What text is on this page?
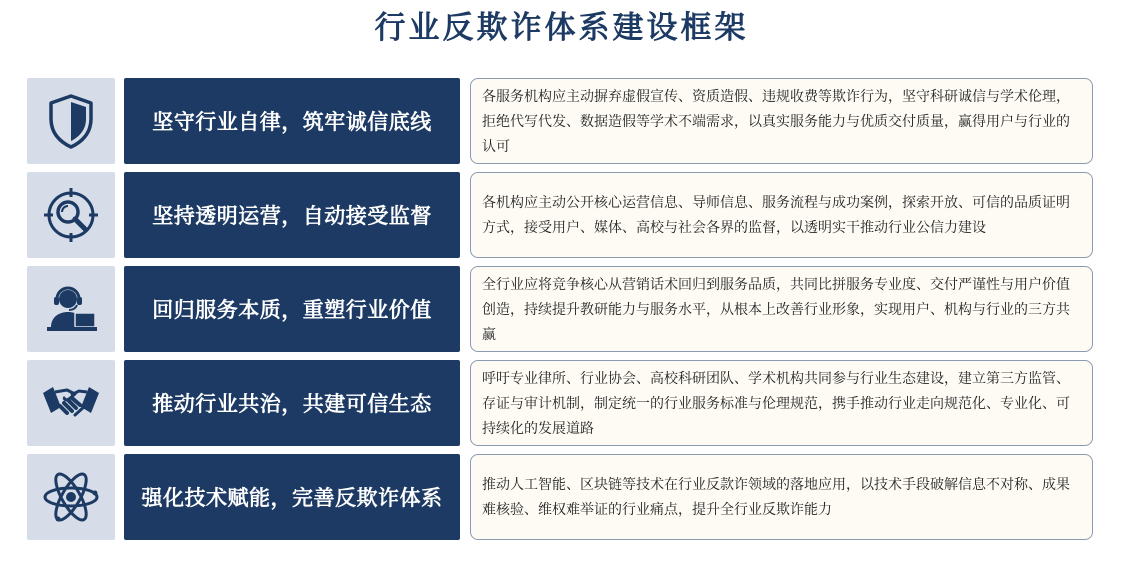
行业反欺诈体系建设框架
坚守行业自律，筑牢诚信底线
各服务机构应主动摒弃虚假宣传、资质造假、违规收费等欺诈行为，坚守科研诚信与学术伦理，拒绝代写代发、数据造假等学术不端需求，以真实服务能力与优质交付质量，赢得用户与行业的认可
坚持透明运营，自动接受监督
各机构应主动公开核心运营信息、导师信息、服务流程与成功案例，探索开放、可信的品质证明方式，接受用户、媒体、高校与社会各界的监督，以透明实干推动行业公信力建设
回归服务本质，重塑行业价值
全行业应将竞争核心从营销话术回归到服务品质，共同比拼服务专业度、交付严谨性与用户价值创造，持续提升教研能力与服务水平，从根本上改善行业形象，实现用户、机构与行业的三方共赢
推动行业共治，共建可信生态
呼吁专业律所、行业协会、高校科研团队、学术机构共同参与行业生态建设，建立第三方监管、存证与审计机制，制定统一的行业服务标准与伦理规范，携手推动行业走向规范化、专业化、可持续化的发展道路
强化技术赋能，完善反欺诈体系
推动人工智能、区块链等技术在行业反款诈领域的落地应用，以技术手段破解信息不对称、成果难核验、维权难举证的行业痛点，提升全行业反欺诈能力
